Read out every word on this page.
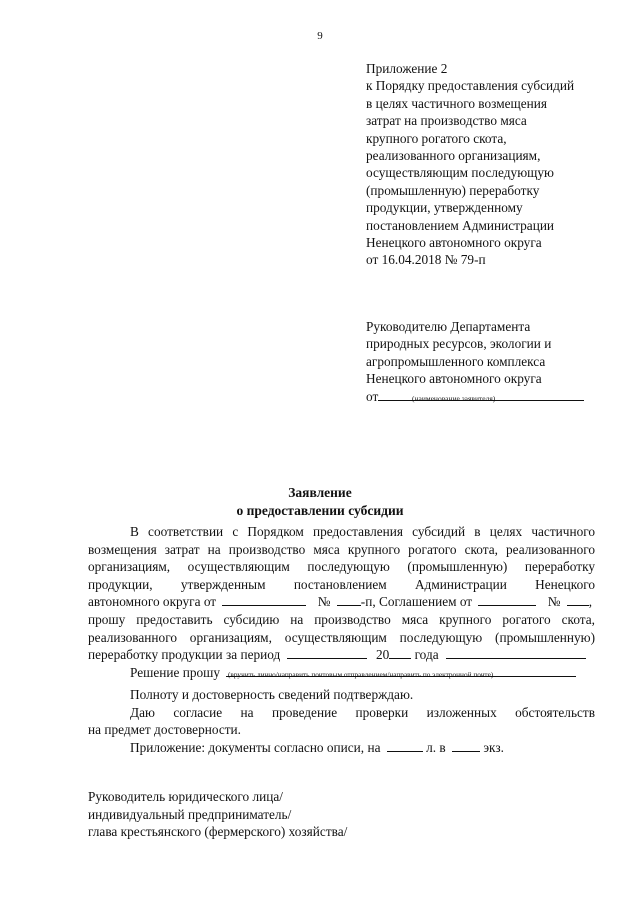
9
Приложение 2
к Порядку предоставления субсидий
в целях частичного возмещения
затрат на производство мяса
крупного рогатого скота,
реализованного организациям,
осуществляющим последующую
(промышленную) переработку
продукции, утвержденному
постановлением Администрации
Ненецкого автономного округа
от 16.04.2018 № 79-п
Руководителю Департамента
природных ресурсов, экологии и
агропромышленного комплекса
Ненецкого автономного округа
от	(наименование заявителя)
Заявление
о предоставлении субсидии
В соответствии с Порядком предоставления субсидий в целях частичного
возмещения затрат на производство мяса крупного рогатого скота, реализованного
организациям, осуществляющим последующую (промышленную) переработку
продукции, утвержденным постановлением Администрации Ненецкого
автономного округа от	№ -п, Соглашением от	№ ,
прошу предоставить субсидию на производство мяса крупного рогатого скота,
реализованного организациям, осуществляющим последующую (промышленную)
переработку продукции за период	20 года
Решение прошу	(вручить лично/направить почтовым отправлением/направить по электронной почте)
Полноту и достоверность сведений подтверждаю.
Даю согласие на проведение проверки изложенных обстоятельств
на предмет достоверности.
Приложение: документы согласно описи, на	л. в	экз.
Руководитель юридического лица/
индивидуальный предприниматель/
глава крестьянского (фермерского) хозяйства/
